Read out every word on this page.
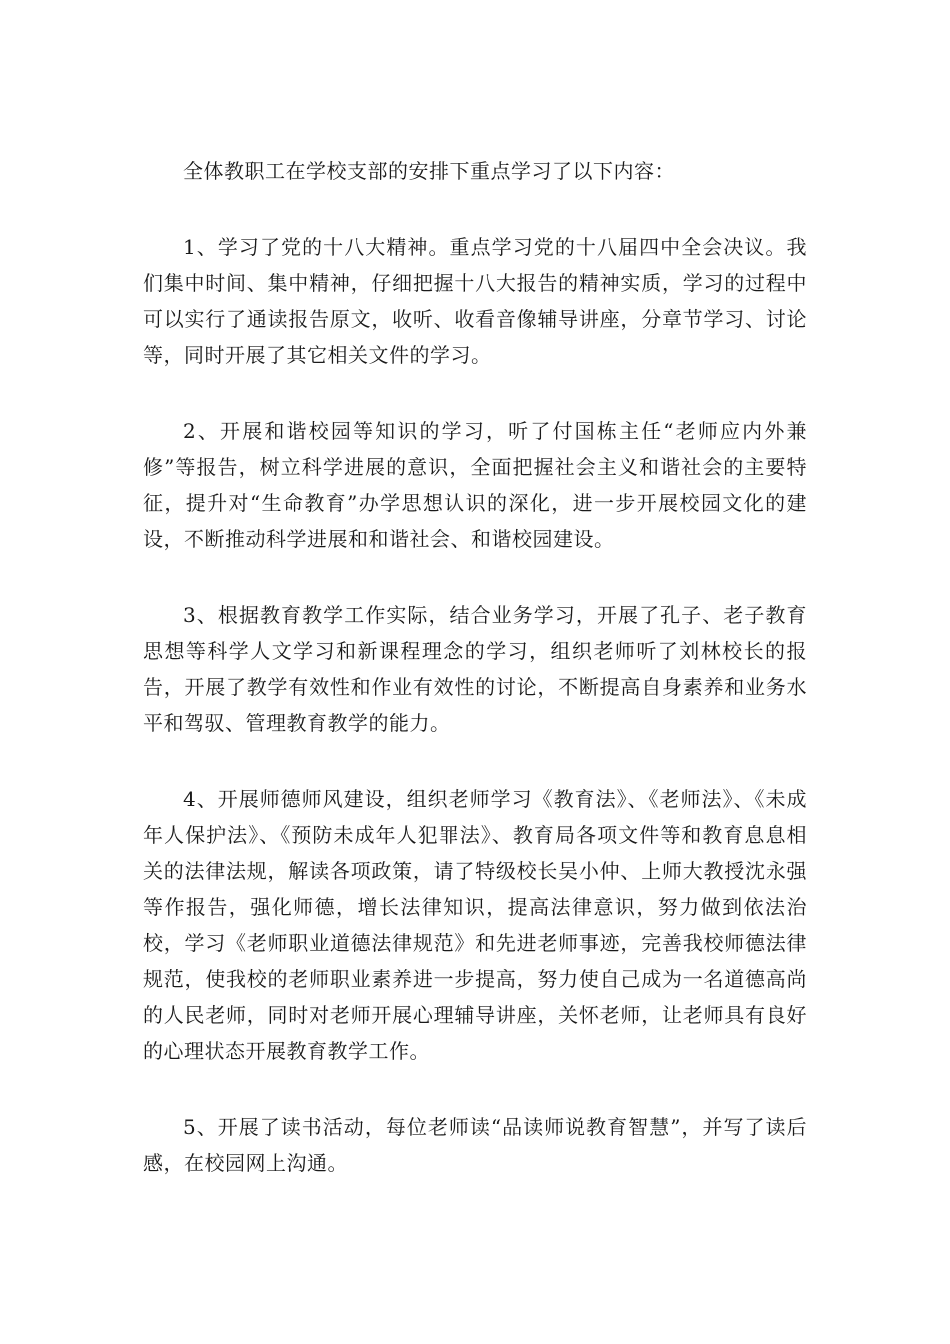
全体教职工在学校支部的安排下重点学习了以下内容：

1、学习了党的十八大精神。重点学习党的十八届四中全会决议。我们集中时间、集中精神，仔细把握十八大报告的精神实质，学习的过程中可以实行了通读报告原文，收听、收看音像辅导讲座，分章节学习、讨论等，同时开展了其它相关文件的学习。

2、开展和谐校园等知识的学习，听了付国栋主任“老师应内外兼修”等报告，树立科学进展的意识，全面把握社会主义和谐社会的主要特征，提升对“生命教育”办学思想认识的深化，进一步开展校园文化的建设，不断推动科学进展和和谐社会、和谐校园建设。

3、根据教育教学工作实际，结合业务学习，开展了孔子、老子教育思想等科学人文学习和新课程理念的学习，组织老师听了刘林校长的报告，开展了教学有效性和作业有效性的讨论，不断提高自身素养和业务水平和驾驭、管理教育教学的能力。

4、开展师德师风建设，组织老师学习《教育法》、《老师法》、《未成年人保护法》、《预防未成年人犯罪法》、教育局各项文件等和教育息息相关的法律法规，解读各项政策，请了特级校长吴小仲、上师大教授沈永强等作报告，强化师德，增长法律知识，提高法律意识，努力做到依法治校，学习《老师职业道德法律规范》和先进老师事迹，完善我校师德法律规范，使我校的老师职业素养进一步提高，努力使自己成为一名道德高尚的人民老师，同时对老师开展心理辅导讲座，关怀老师，让老师具有良好的心理状态开展教育教学工作。

5、开展了读书活动，每位老师读“品读师说教育智慧”，并写了读后感，在校园网上沟通。
